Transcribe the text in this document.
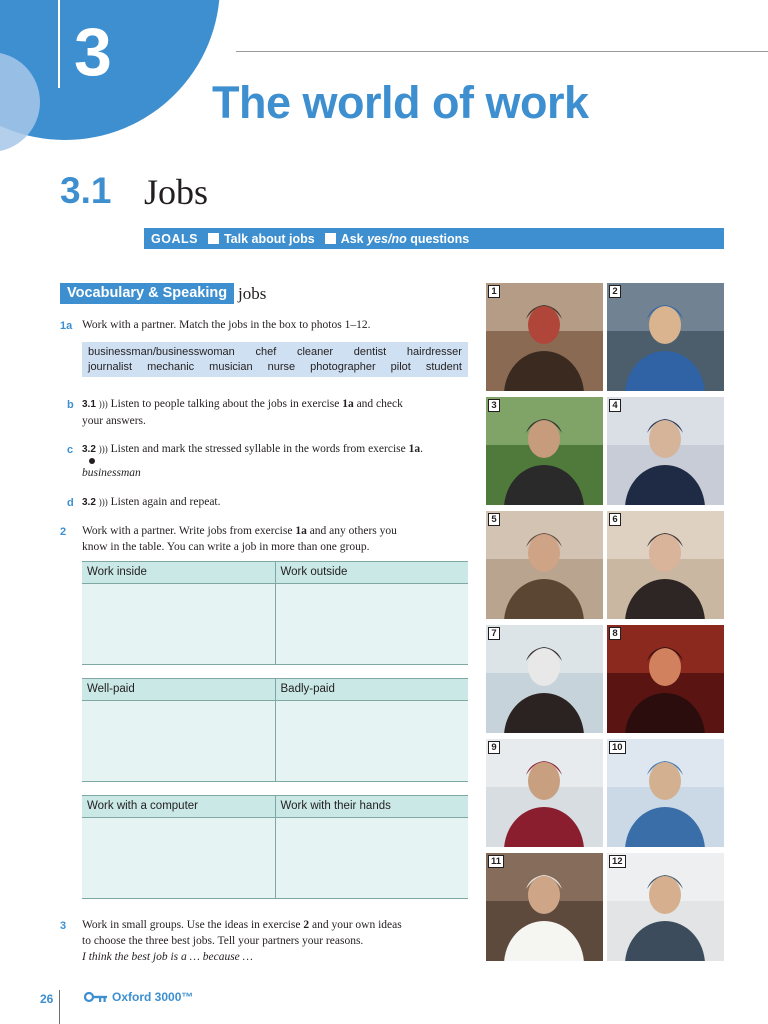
3
The world of work
3.1 Jobs
GOALS Talk about jobs Ask yes/no questions
Vocabulary & Speaking jobs
1a Work with a partner. Match the jobs in the box to photos 1–12.
businessman/businesswoman chef cleaner dentist hairdresser
journalist mechanic musician nurse photographer pilot student
b 3.1 ))) Listen to people talking about the jobs in exercise 1a and check
your answers.
c 3.2 ))) Listen and mark the stressed syllable in the words from exercise 1a.
businessman
d 3.2 ))) Listen again and repeat.
2 Work with a partner. Write jobs from exercise 1a and any others you
know in the table. You can write a job in more than one group.
Work inside	Work outside
Well-paid	Badly-paid
Work with a computer	Work with their hands
3 Work in small groups. Use the ideas in exercise 2 and your own ideas
to choose the three best jobs. Tell your partners your reasons.
I think the best job is a … because …
1	2
3	4
5	6
7	8
9	10
11	12
26	Oxford 3000™
